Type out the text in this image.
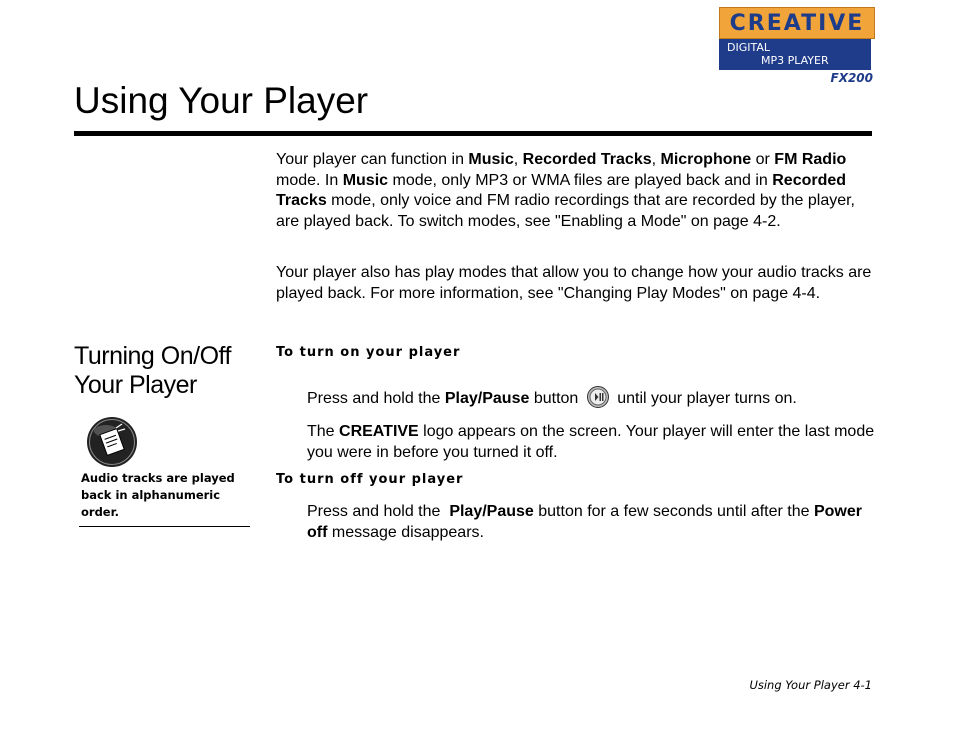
CREATIVE
DIGITAL
MP3 PLAYER
FX200
Using Your Player

Your player can function in Music, Recorded Tracks, Microphone or FM Radio mode. In Music mode, only MP3 or WMA files are played back and in Recorded Tracks mode, only voice and FM radio recordings that are recorded by the player, are played back. To switch modes, see "Enabling a Mode" on page 4-2.

Your player also has play modes that allow you to change how your audio tracks are played back. For more information, see "Changing Play Modes" on page 4-4.

Turning On/Off
Your Player
Audio tracks are played back in alphanumeric order.
To turn on your player

Press and hold the Play/Pause button  until your player turns on.

The CREATIVE logo appears on the screen. Your player will enter the last mode you were in before you turned it off.

To turn off your player

Press and hold the  Play/Pause button for a few seconds until after the Power off message disappears.

Using Your Player 4-1
